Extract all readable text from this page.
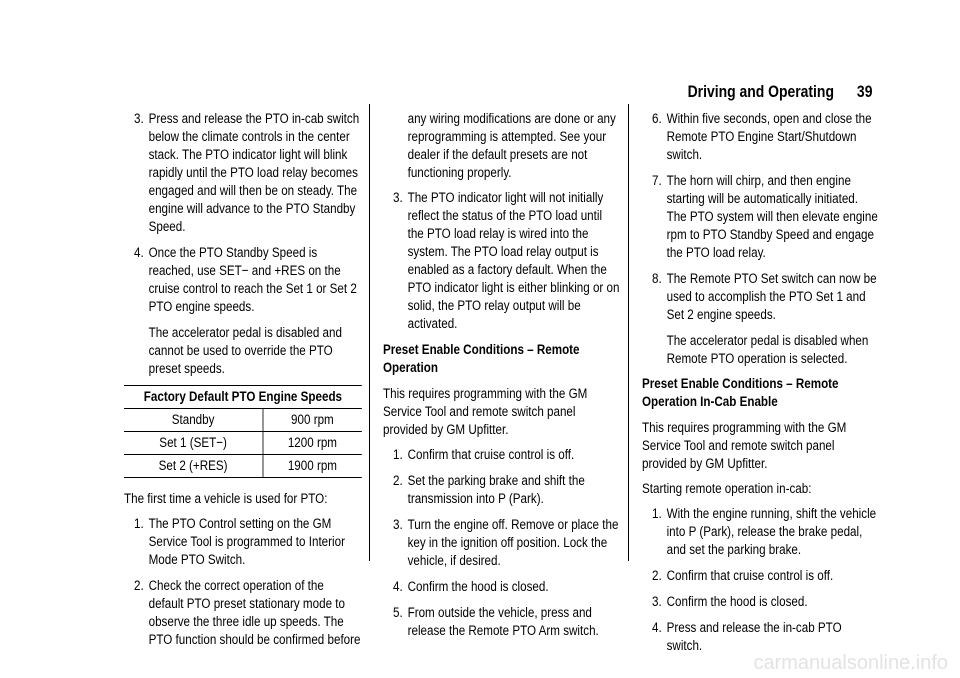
Driving and Operating 39
3. Press and release the PTO in-cab switch below the climate controls in the center stack. The PTO indicator light will blink rapidly until the PTO load relay becomes engaged and will then be on steady. The engine will advance to the PTO Standby Speed.
4. Once the PTO Standby Speed is reached, use SET− and +RES on the cruise control to reach the Set 1 or Set 2 PTO engine speeds.

The accelerator pedal is disabled and cannot be used to override the PTO preset speeds.

Factory Default PTO Engine Speeds	
Standby	900 rpm
Set 1 (SET−)	1200 rpm
Set 2 (+RES)	1900 rpm

The first time a vehicle is used for PTO:

1. The PTO Control setting on the GM Service Tool is programmed to Interior Mode PTO Switch.
2. Check the correct operation of the default PTO preset stationary mode to observe the three idle up speeds. The PTO function should be confirmed before

any wiring modifications are done or any reprogramming is attempted. See your dealer if the default presets are not functioning properly.

3. The PTO indicator light will not initially reflect the status of the PTO load until the PTO load relay is wired into the system. The PTO load relay output is enabled as a factory default. When the PTO indicator light is either blinking or on solid, the PTO relay output will be activated.

Preset Enable Conditions – Remote Operation

This requires programming with the GM Service Tool and remote switch panel provided by GM Upfitter.

1. Confirm that cruise control is off.
2. Set the parking brake and shift the transmission into P (Park).
3. Turn the engine off. Remove or place the key in the ignition off position. Lock the vehicle, if desired.
4. Confirm the hood is closed.
5. From outside the vehicle, press and release the Remote PTO Arm switch.
6. Within five seconds, open and close the Remote PTO Engine Start/Shutdown switch.
7. The horn will chirp, and then engine starting will be automatically initiated. The PTO system will then elevate engine rpm to PTO Standby Speed and engage the PTO load relay.
8. The Remote PTO Set switch can now be used to accomplish the PTO Set 1 and Set 2 engine speeds.

The accelerator pedal is disabled when Remote PTO operation is selected.

Preset Enable Conditions – Remote Operation In-Cab Enable

This requires programming with the GM Service Tool and remote switch panel provided by GM Upfitter.

Starting remote operation in-cab:

1. With the engine running, shift the vehicle into P (Park), release the brake pedal, and set the parking brake.
2. Confirm that cruise control is off.
3. Confirm the hood is closed.
4. Press and release the in-cab PTO switch.
carmanualsonline.info
